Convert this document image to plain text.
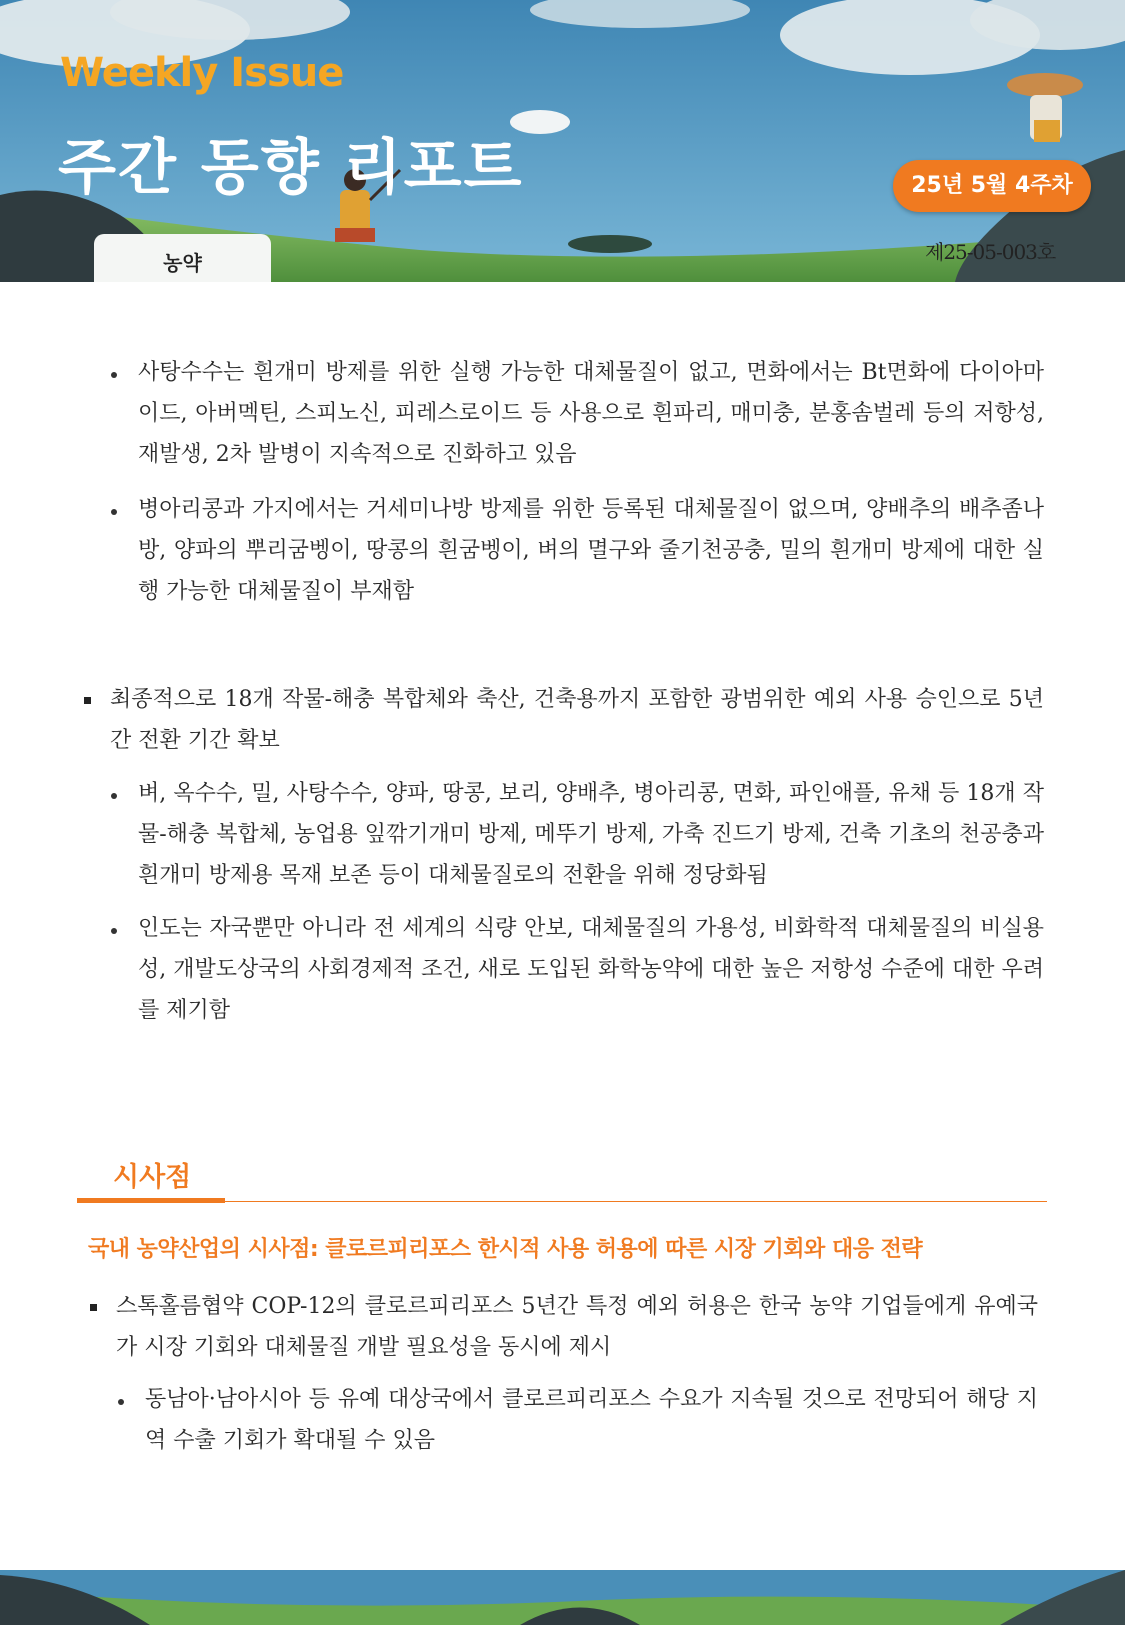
Weekly Issue
주간 동향 리포트	25년 5월 4주차
제25-05-003호
농약
사탕수수는 흰개미 방제를 위한 실행 가능한 대체물질이 없고, 면화에서는 Bt면화에 다이아마이드, 아버멕틴, 스피노신, 피레스로이드 등 사용으로 흰파리, 매미충, 분홍솜벌레 등의 저항성, 재발생, 2차 발병이 지속적으로 진화하고 있음
병아리콩과 가지에서는 거세미나방 방제를 위한 등록된 대체물질이 없으며, 양배추의 배추좀나방, 양파의 뿌리굼벵이, 땅콩의 흰굼벵이, 벼의 멸구와 줄기천공충, 밀의 흰개미 방제에 대한 실행 가능한 대체물질이 부재함
최종적으로 18개 작물-해충 복합체와 축산, 건축용까지 포함한 광범위한 예외 사용 승인으로 5년간 전환 기간 확보
벼, 옥수수, 밀, 사탕수수, 양파, 땅콩, 보리, 양배추, 병아리콩, 면화, 파인애플, 유채 등 18개 작물-해충 복합체, 농업용 잎깎기개미 방제, 메뚜기 방제, 가축 진드기 방제, 건축 기초의 천공충과 흰개미 방제용 목재 보존 등이 대체물질로의 전환을 위해 정당화됨
인도는 자국뿐만 아니라 전 세계의 식량 안보, 대체물질의 가용성, 비화학적 대체물질의 비실용성, 개발도상국의 사회경제적 조건, 새로 도입된 화학농약에 대한 높은 저항성 수준에 대한 우려를 제기함
시사점
국내 농약산업의 시사점: 클로르피리포스 한시적 사용 허용에 따른 시장 기회와 대응 전략
스톡홀름협약 COP-12의 클로르피리포스 5년간 특정 예외 허용은 한국 농약 기업들에게 유예국가 시장 기회와 대체물질 개발 필요성을 동시에 제시
동남아·남아시아 등 유예 대상국에서 클로르피리포스 수요가 지속될 것으로 전망되어 해당 지역 수출 기회가 확대될 수 있음
